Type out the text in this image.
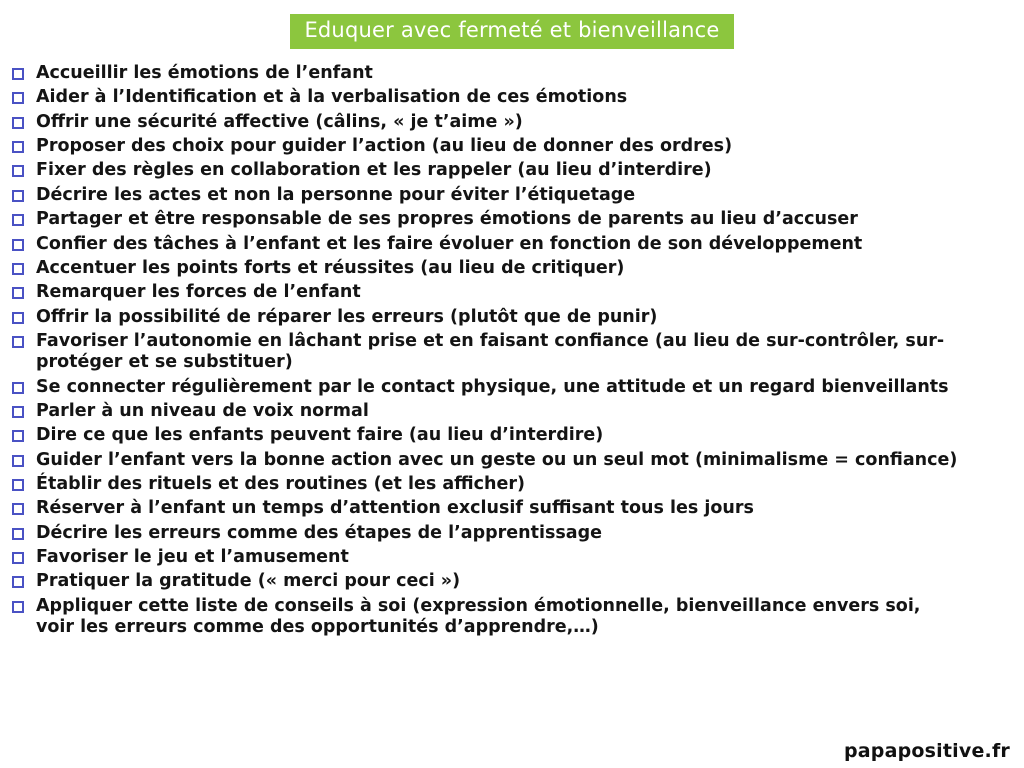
Eduquer avec fermeté et bienveillance
Accueillir les émotions de l’enfant
Aider à l’Identification et à la verbalisation de ces émotions
Offrir une sécurité affective (câlins, « je t’aime »)
Proposer des choix pour guider l’action (au lieu de donner des ordres)
Fixer des règles en collaboration et les rappeler (au lieu d’interdire)
Décrire les actes et non la personne pour éviter l’étiquetage
Partager et être responsable de ses propres émotions de parents au lieu d’accuser
Confier des tâches à l’enfant et les faire évoluer en fonction de son développement
Accentuer les points forts et réussites (au lieu de critiquer)
Remarquer les forces de l’enfant
Offrir la possibilité de réparer les erreurs (plutôt que de punir)
Favoriser l’autonomie en lâchant prise et en faisant confiance (au lieu de sur-contrôler, sur-protéger et se substituer)
Se connecter régulièrement par le contact physique, une attitude et un regard bienveillants
Parler à un niveau de voix normal
Dire ce que les enfants peuvent faire (au lieu d’interdire)
Guider l’enfant vers la bonne action avec un geste ou un seul mot (minimalisme = confiance)
Établir des rituels et des routines (et les afficher)
Réserver à l’enfant un temps d’attention exclusif suffisant tous les jours
Décrire les erreurs comme des étapes de l’apprentissage
Favoriser le jeu et l’amusement
Pratiquer la gratitude (« merci pour ceci »)
Appliquer cette liste de conseils à soi (expression émotionnelle, bienveillance envers soi, voir les erreurs comme des opportunités d’apprendre,…)
papapositive.fr
